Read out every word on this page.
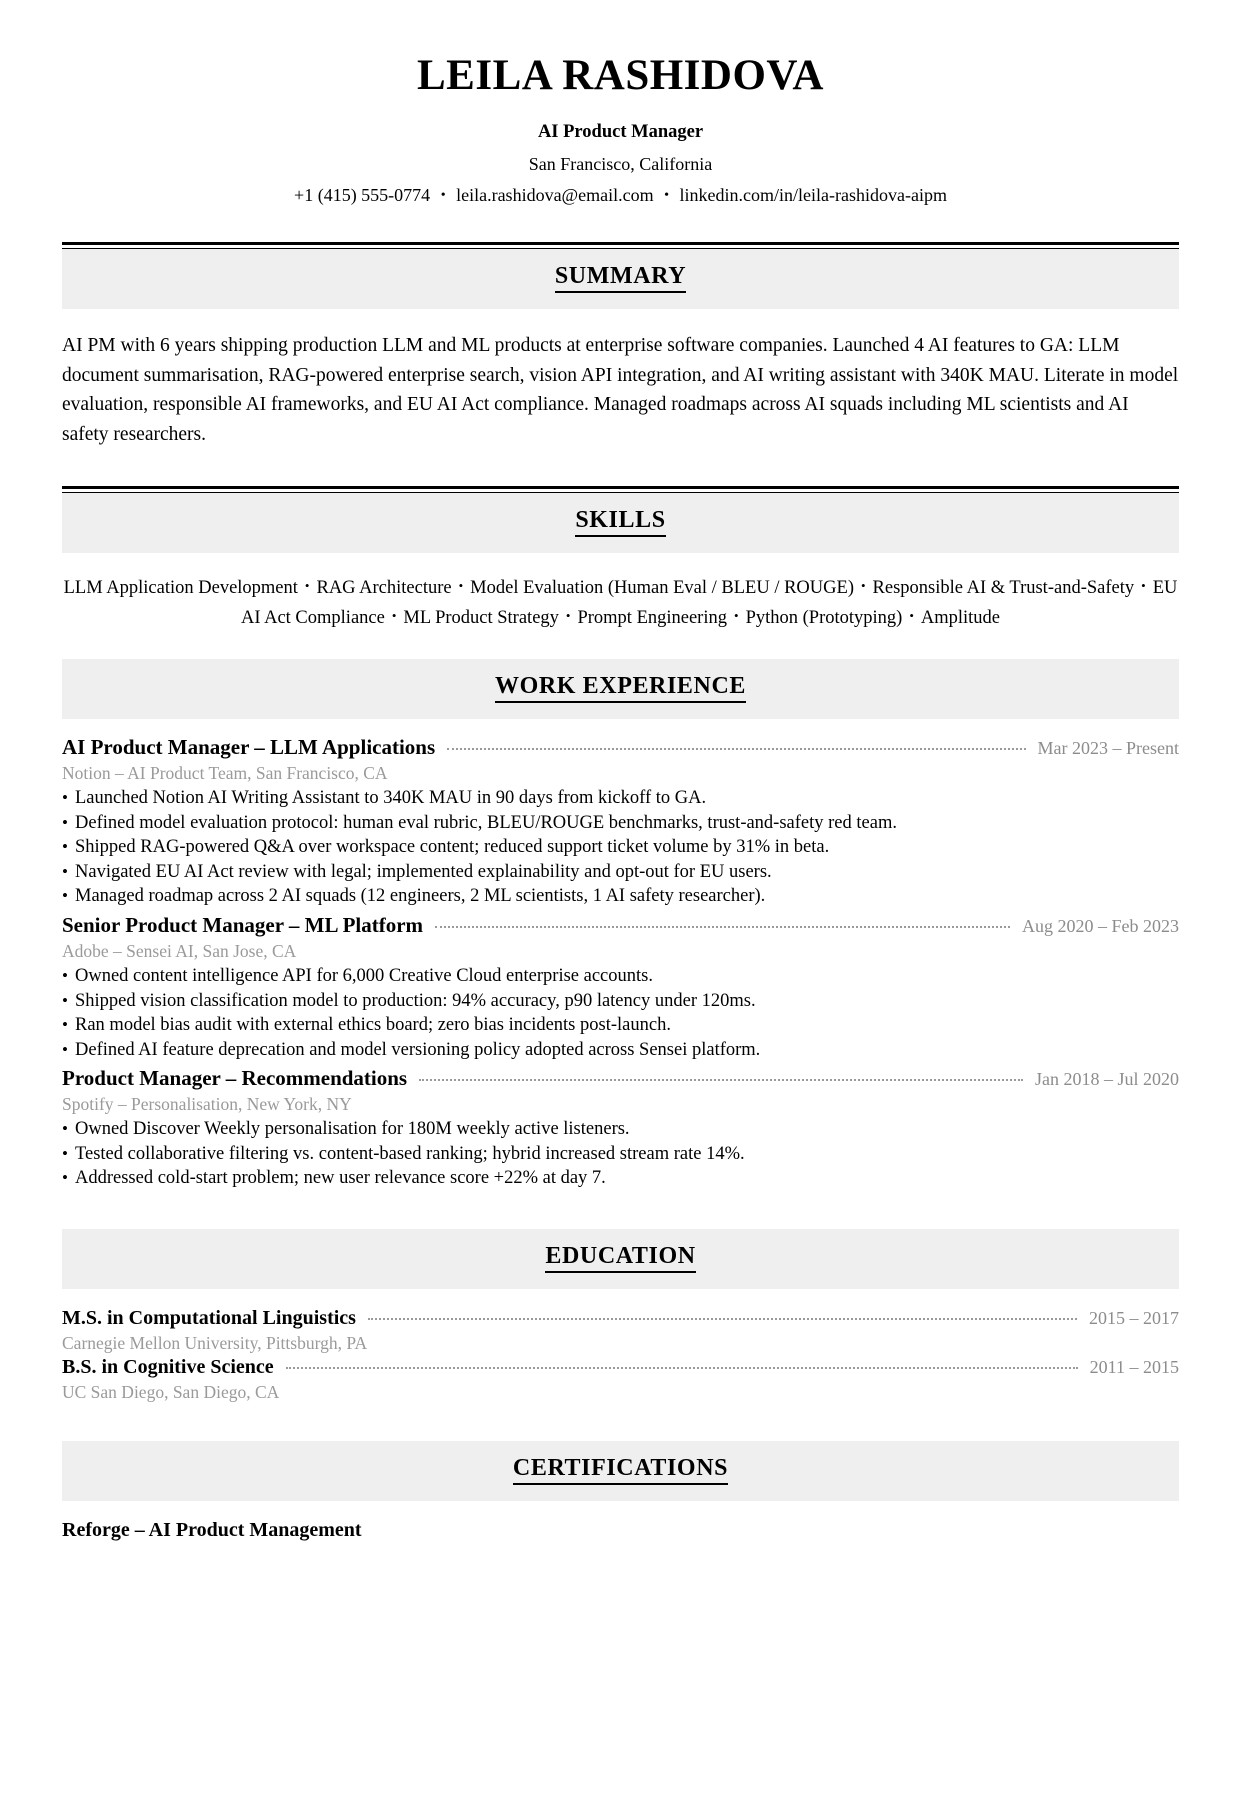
LEILA RASHIDOVA
AI Product Manager
San Francisco, California
+1 (415) 555-0774 • leila.rashidova@email.com • linkedin.com/in/leila-rashidova-aipm
SUMMARY
AI PM with 6 years shipping production LLM and ML products at enterprise software companies. Launched 4 AI features to GA: LLM document summarisation, RAG-powered enterprise search, vision API integration, and AI writing assistant with 340K MAU. Literate in model evaluation, responsible AI frameworks, and EU AI Act compliance. Managed roadmaps across AI squads including ML scientists and AI safety researchers.
SKILLS
LLM Application Development • RAG Architecture • Model Evaluation (Human Eval / BLEU / ROUGE) • Responsible AI & Trust-and-Safety • EU AI Act Compliance • ML Product Strategy • Prompt Engineering • Python (Prototyping) • Amplitude
WORK EXPERIENCE
AI Product Manager – LLM Applications	Mar 2023 – Present
Notion – AI Product Team, San Francisco, CA
• Launched Notion AI Writing Assistant to 340K MAU in 90 days from kickoff to GA.
• Defined model evaluation protocol: human eval rubric, BLEU/ROUGE benchmarks, trust-and-safety red team.
• Shipped RAG-powered Q&A over workspace content; reduced support ticket volume by 31% in beta.
• Navigated EU AI Act review with legal; implemented explainability and opt-out for EU users.
• Managed roadmap across 2 AI squads (12 engineers, 2 ML scientists, 1 AI safety researcher).
Senior Product Manager – ML Platform	Aug 2020 – Feb 2023
Adobe – Sensei AI, San Jose, CA
• Owned content intelligence API for 6,000 Creative Cloud enterprise accounts.
• Shipped vision classification model to production: 94% accuracy, p90 latency under 120ms.
• Ran model bias audit with external ethics board; zero bias incidents post-launch.
• Defined AI feature deprecation and model versioning policy adopted across Sensei platform.
Product Manager – Recommendations	Jan 2018 – Jul 2020
Spotify – Personalisation, New York, NY
• Owned Discover Weekly personalisation for 180M weekly active listeners.
• Tested collaborative filtering vs. content-based ranking; hybrid increased stream rate 14%.
• Addressed cold-start problem; new user relevance score +22% at day 7.
EDUCATION
M.S. in Computational Linguistics	2015 – 2017
Carnegie Mellon University, Pittsburgh, PA
B.S. in Cognitive Science	2011 – 2015
UC San Diego, San Diego, CA
CERTIFICATIONS
Reforge – AI Product Management
